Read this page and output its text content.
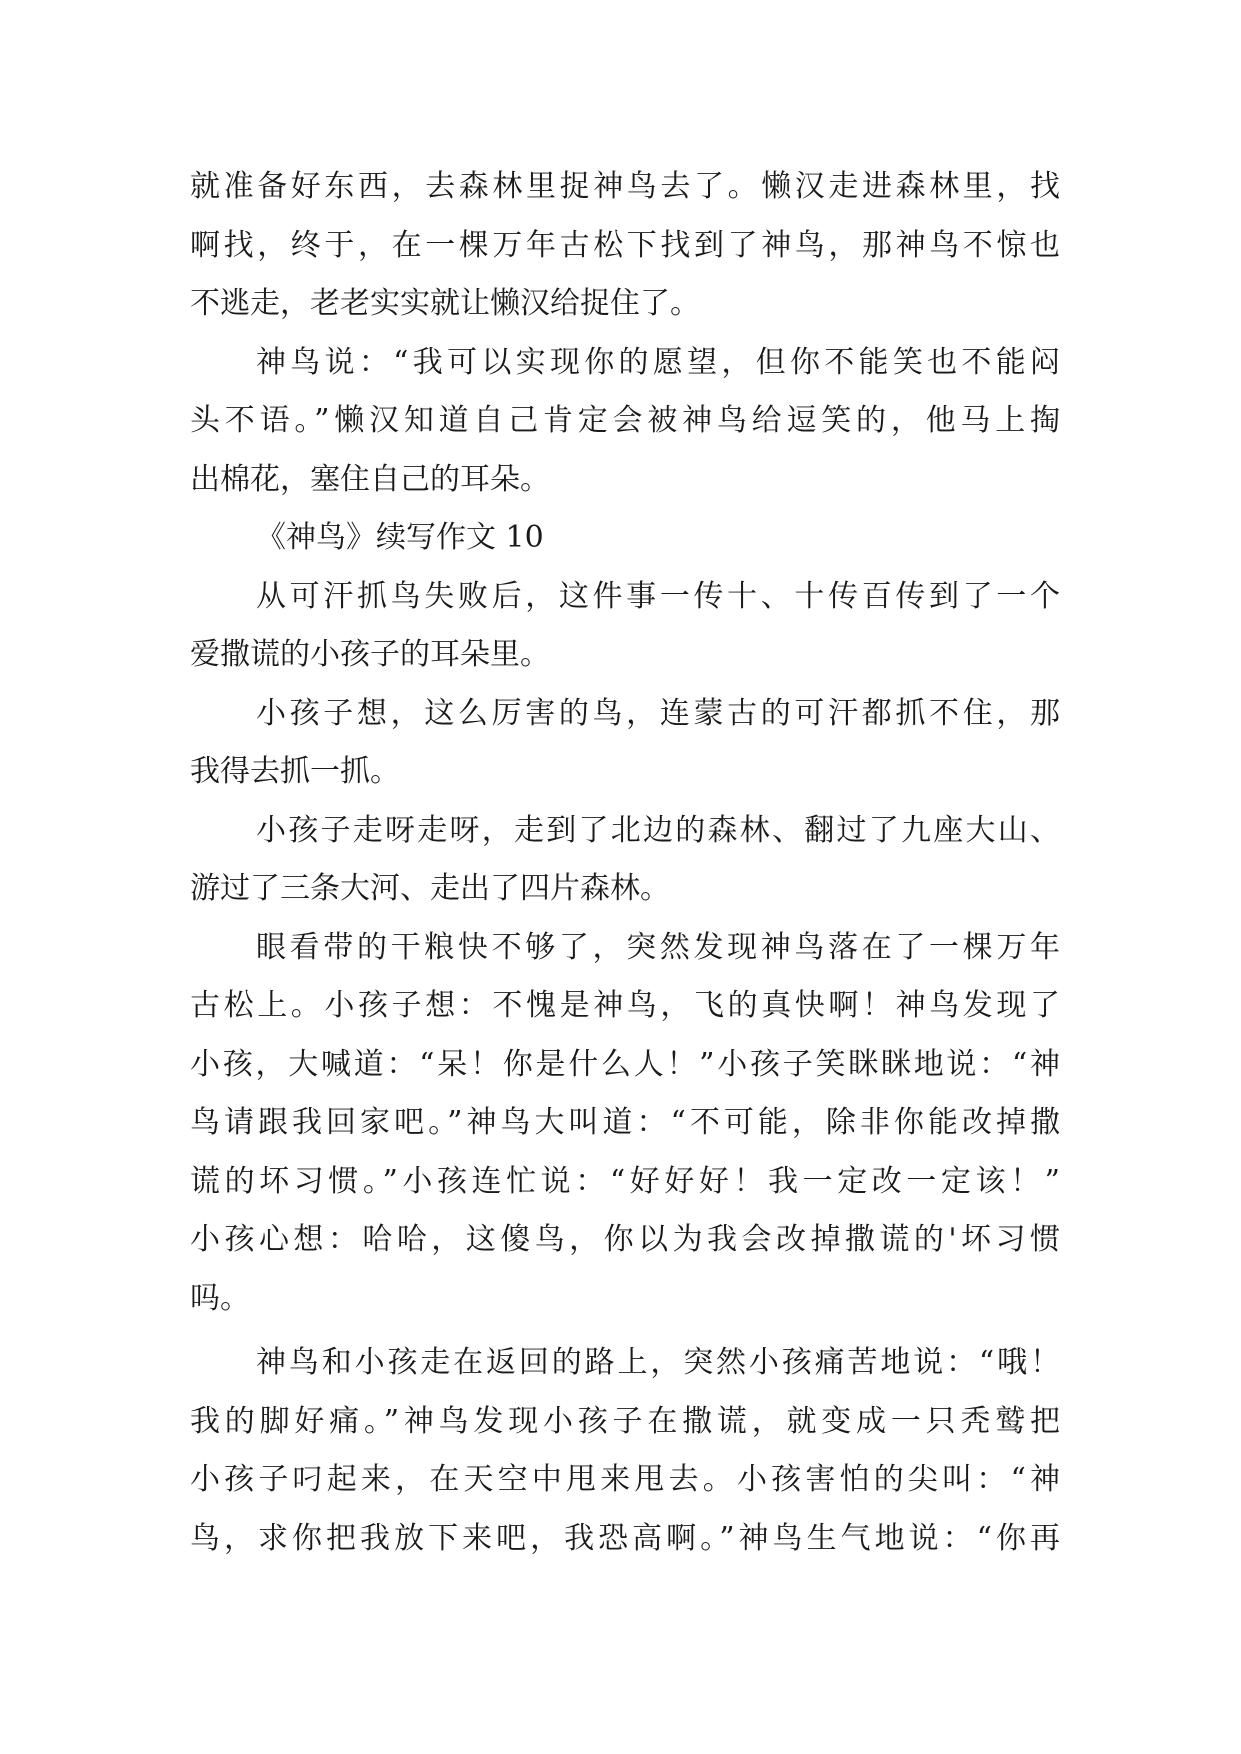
就准备好东西，去森林里捉神鸟去了。懒汉走进森林里，找
啊找，终于，在一棵万年古松下找到了神鸟，那神鸟不惊也
不逃走，老老实实就让懒汉给捉住了。
神鸟说：“我可以实现你的愿望，但你不能笑也不能闷
头不语。”懒汉知道自己肯定会被神鸟给逗笑的，他马上掏
出棉花，塞住自己的耳朵。
《神鸟》续写作文 10
从可汗抓鸟失败后，这件事一传十、十传百传到了一个
爱撒谎的小孩子的耳朵里。
小孩子想，这么厉害的鸟，连蒙古的可汗都抓不住，那
我得去抓一抓。
小孩子走呀走呀，走到了北边的森林、翻过了九座大山、
游过了三条大河、走出了四片森林。
眼看带的干粮快不够了，突然发现神鸟落在了一棵万年
古松上。小孩子想：不愧是神鸟，飞的真快啊！神鸟发现了
小孩，大喊道：“呆！你是什么人！”小孩子笑眯眯地说：“神
鸟请跟我回家吧。”神鸟大叫道：“不可能，除非你能改掉撒
谎的坏习惯。”小孩连忙说：“好好好！我一定改一定该！”
小孩心想：哈哈，这傻鸟，你以为我会改掉撒谎的'坏习惯
吗。
神鸟和小孩走在返回的路上，突然小孩痛苦地说：“哦！
我的脚好痛。”神鸟发现小孩子在撒谎，就变成一只秃鹫把
小孩子叼起来，在天空中甩来甩去。小孩害怕的尖叫：“神
鸟，求你把我放下来吧，我恐高啊。”神鸟生气地说：“你再
